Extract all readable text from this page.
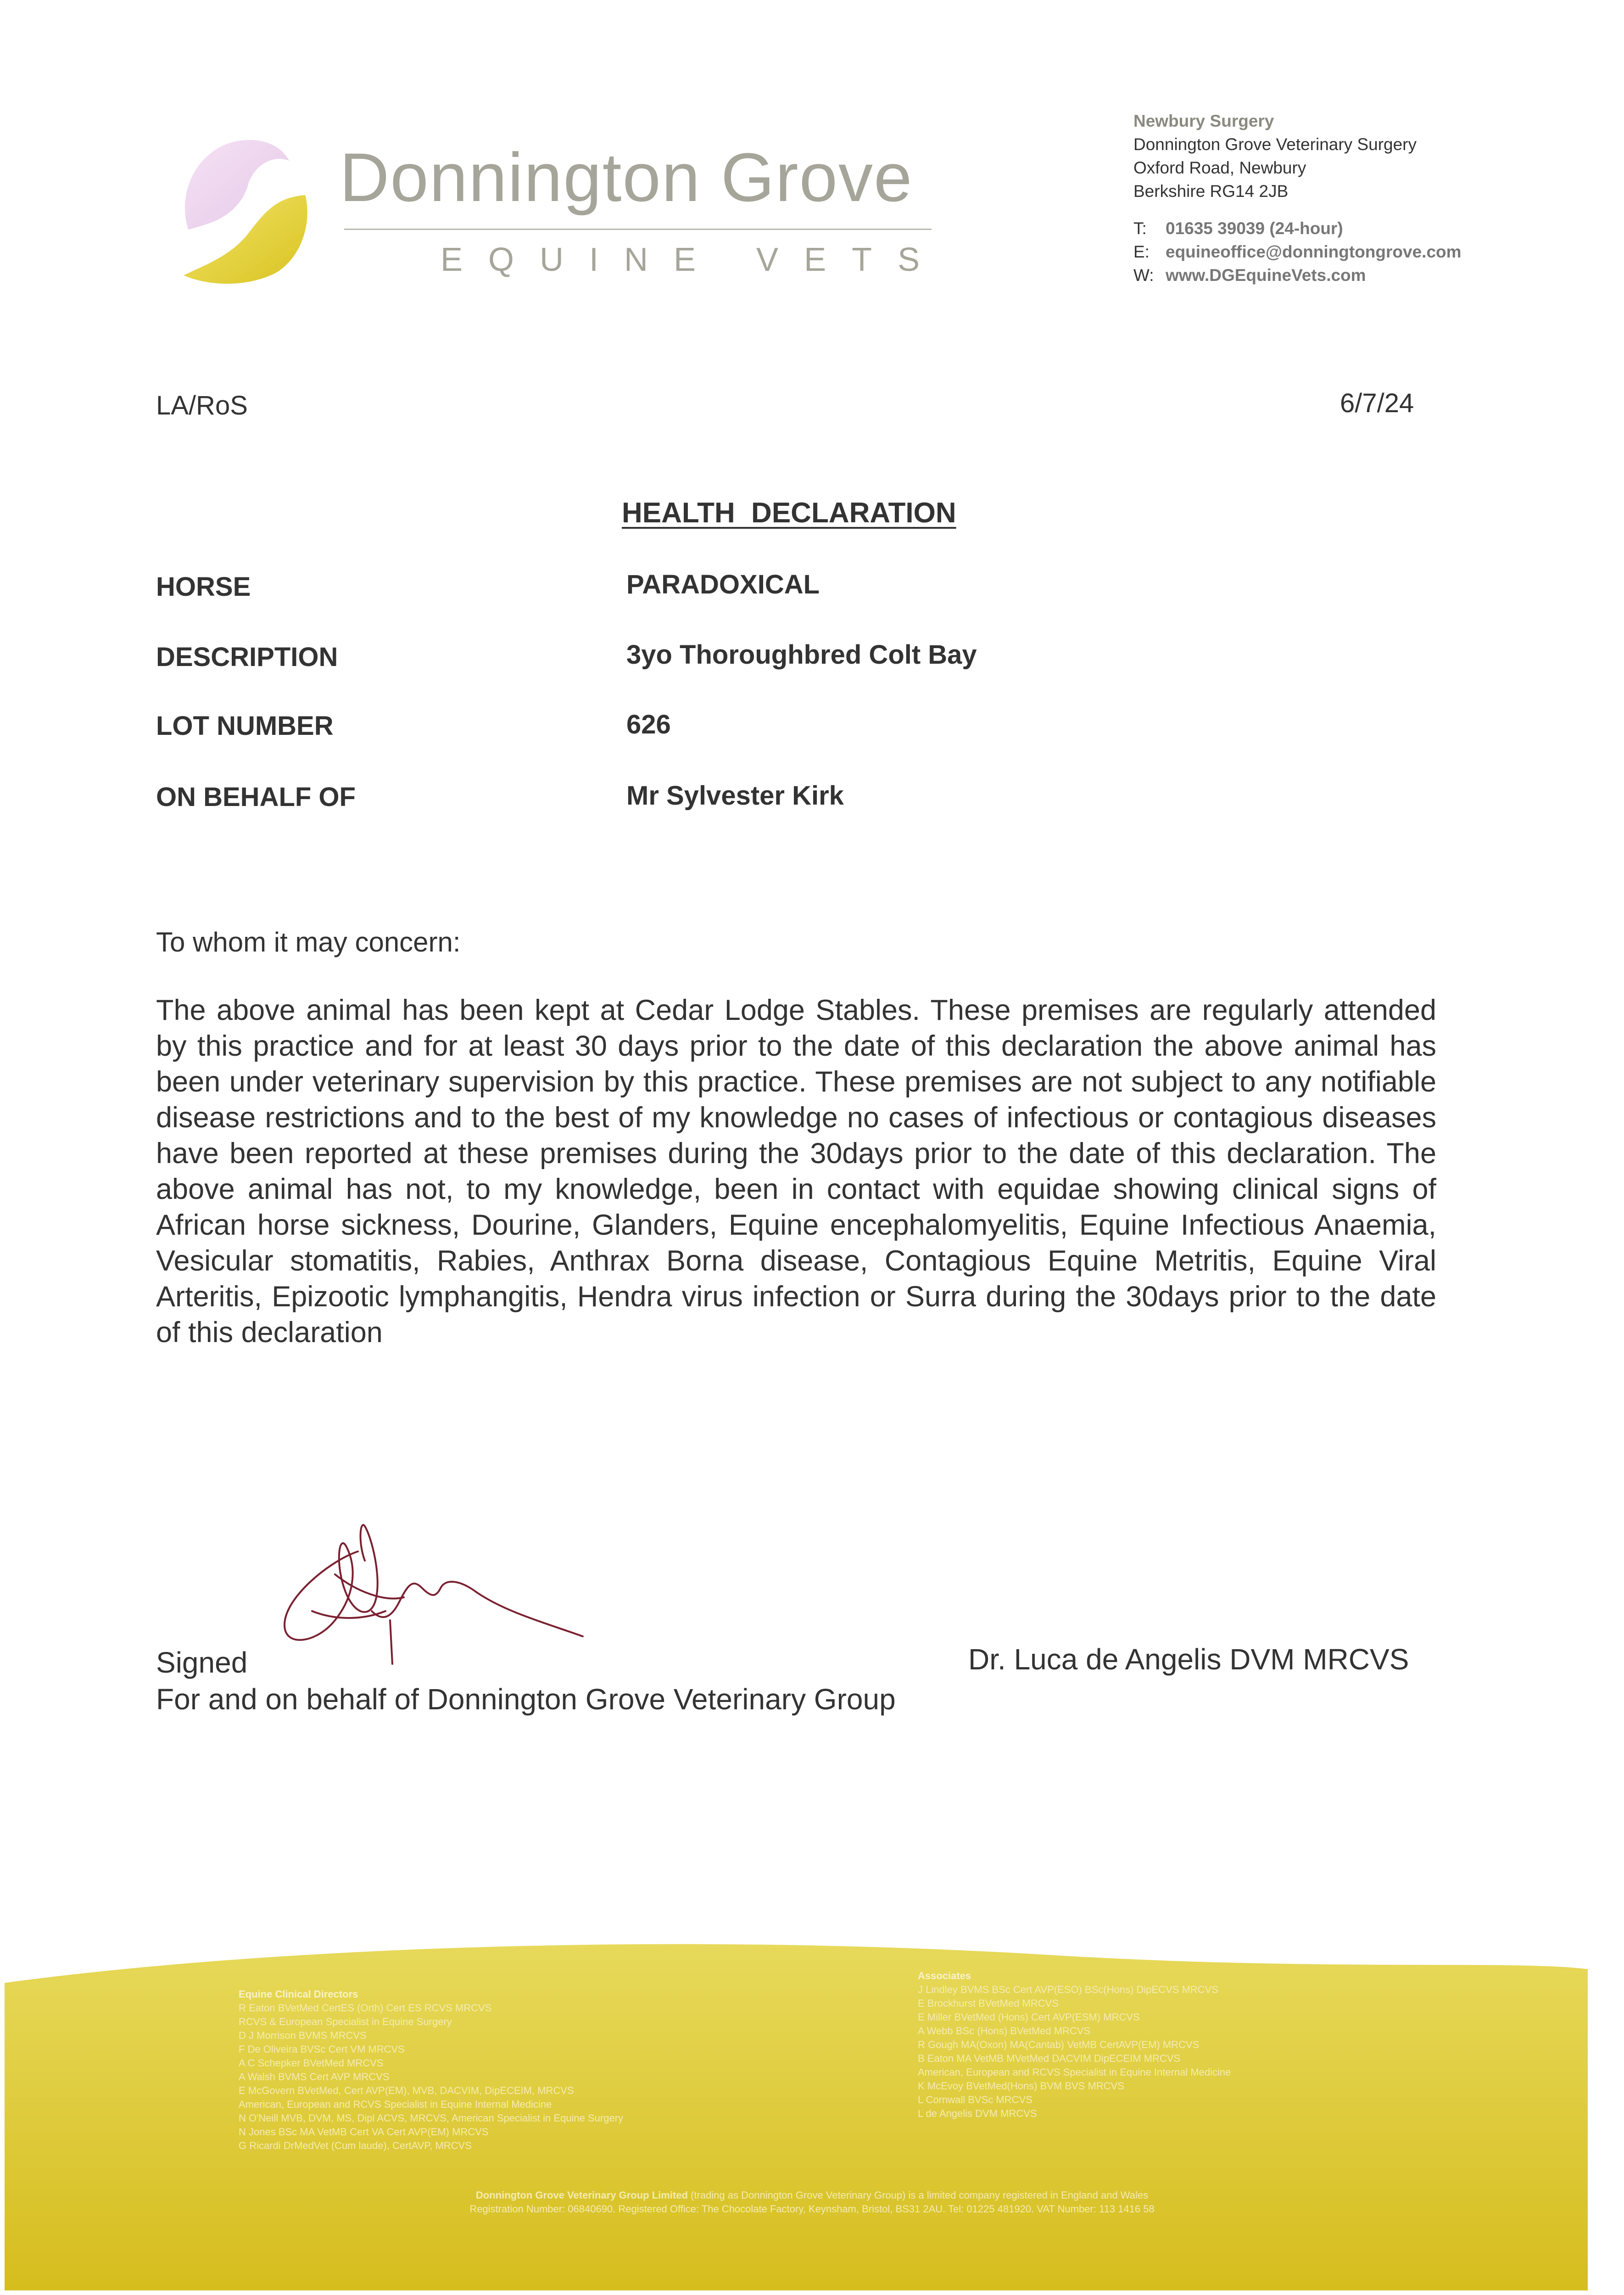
Donnington Grove
EQUINE VETS
Newbury Surgery
Donnington Grove Veterinary Surgery
Oxford Road, Newbury
Berkshire RG14 2JB
T: 01635 39039 (24-hour)
E: equineoffice@donningtongrove.com
W: www.DGEquineVets.com
LA/RoS	6/7/24
HEALTH DECLARATION
HORSE	PARADOXICAL
DESCRIPTION	3yo Thoroughbred Colt Bay
LOT NUMBER	626
ON BEHALF OF	Mr Sylvester Kirk
To whom it may concern:
The above animal has been kept at Cedar Lodge Stables. These premises are regularly attended by this practice and for at least 30 days prior to the date of this declaration the above animal has been under veterinary supervision by this practice. These premises are not subject to any notifiable disease restrictions and to the best of my knowledge no cases of infectious or contagious diseases have been reported at these premises during the 30days prior to the date of this declaration. The above animal has not, to my knowledge, been in contact with equidae showing clinical signs of African horse sickness, Dourine, Glanders, Equine encephalomyelitis, Equine Infectious Anaemia, Vesicular stomatitis, Rabies, Anthrax Borna disease, Contagious Equine Metritis, Equine Viral Arteritis, Epizootic lymphangitis, Hendra virus infection or Surra during the 30days prior to the date of this declaration
Signed	Dr. Luca de Angelis DVM MRCVS
For and on behalf of Donnington Grove Veterinary Group
Equine Clinical Directors
R Eaton BVetMed CertES (Orth) Cert ES RCVS MRCVS
RCVS & European Specialist in Equine Surgery
D J Morrison BVMS MRCVS
F De Oliveira BVSc Cert VM MRCVS
A C Schepker BVetMed MRCVS
A Walsh BVMS Cert AVP MRCVS
E McGovern BVetMed, Cert AVP(EM), MVB, DACVIM, DipECEIM, MRCVS
American, European and RCVS Specialist in Equine Internal Medicine
N O'Neill MVB, DVM, MS, Dipl ACVS, MRCVS, American Specialist in Equine Surgery
N Jones BSc MA VetMB Cert VA Cert AVP(EM) MRCVS
G Ricardi DrMedVet (Cum laude), CertAVP, MRCVS
Associates
J Lindley BVMS BSc Cert AVP(ESO) BSc(Hons) DipECVS MRCVS
E Brockhurst BVetMed MRCVS
E Miller BVetMed (Hons) Cert AVP(ESM) MRCVS
A Webb BSc (Hons) BVetMed MRCVS
R Gough MA(Oxon) MA(Cantab) VetMB CertAVP(EM) MRCVS
B Eaton MA VetMB MVetMed DACVIM DipECEIM MRCVS
American, European and RCVS Specialist in Equine Internal Medicine
K McEvoy BVetMed(Hons) BVM BVS MRCVS
L Cornwall BVSc MRCVS
L de Angelis DVM MRCVS
Donnington Grove Veterinary Group Limited (trading as Donnington Grove Veterinary Group) is a limited company registered in England and Wales
Registration Number: 06840690. Registered Office: The Chocolate Factory, Keynsham, Bristol, BS31 2AU. Tel: 01225 481920. VAT Number: 113 1416 58
